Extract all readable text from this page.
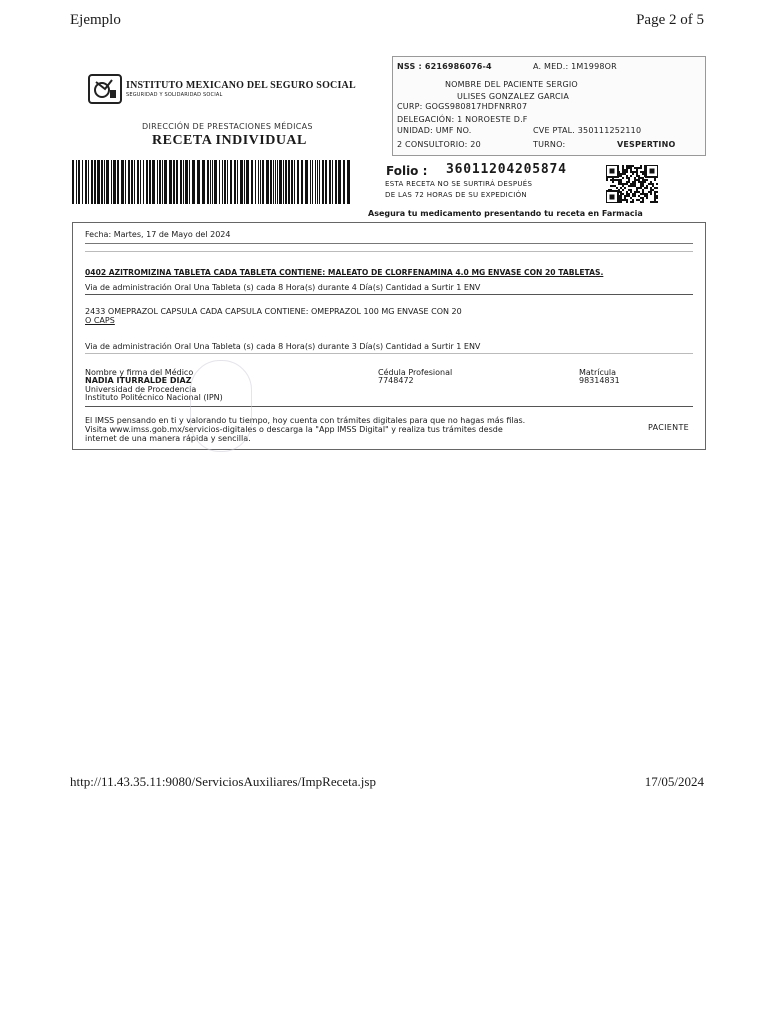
Ejemplo	Page 2 of 5
INSTITUTO MEXICANO DEL SEGURO SOCIAL
SEGURIDAD Y SOLIDARIDAD SOCIAL
DIRECCIÓN DE PRESTACIONES MÉDICAS
RECETA INDIVIDUAL
NSS : 6216986076-4	A. MED.: 1M1998OR
NOMBRE DEL PACIENTE SERGIO
ULISES GONZALEZ GARCIA
CURP: GOGS980817HDFNRR07
DELEGACIÓN: 1 NOROESTE D.F
UNIDAD: UMF NO.	CVE PTAL. 350111252110
2 CONSULTORIO: 20	TURNO:	VESPERTINO
Folio : 36011204205874
ESTA RECETA NO SE SURTIRÁ DESPUÉS
DE LAS 72 HORAS DE SU EXPEDICIÓN
Asegura tu medicamento presentando tu receta en Farmacia
Fecha: Martes, 17 de Mayo del 2024
0402 AZITROMIZINA TABLETA CADA TABLETA CONTIENE: MALEATO DE CLORFENAMINA 4.0 MG ENVASE CON 20 TABLETAS.
Via de administración Oral Una Tableta (s) cada 8 Hora(s) durante 4 Día(s) Cantidad a Surtir 1 ENV
2433 OMEPRAZOL CAPSULA CADA CAPSULA CONTIENE: OMEPRAZOL 100 MG ENVASE CON 20
O CAPS
Via de administración Oral Una Tableta (s) cada 8 Hora(s) durante 3 Día(s) Cantidad a Surtir 1 ENV
Nombre y firma del Médico
NADIA ITURRALDE DIAZ
Universidad de Procedencia
Instituto Politécnico Nacional (IPN)
Cédula Profesional
7748472
Matrícula
98314831
El IMSS pensando en ti y valorando tu tiempo, hoy cuenta con trámites digitales para que no hagas más filas.
Visita www.imss.gob.mx/servicios-digitales o descarga la "App IMSS Digital" y realiza tus trámites desde
internet de una manera rápida y sencilla.
PACIENTE
http://11.43.35.11:9080/ServiciosAuxiliares/ImpReceta.jsp	17/05/2024
